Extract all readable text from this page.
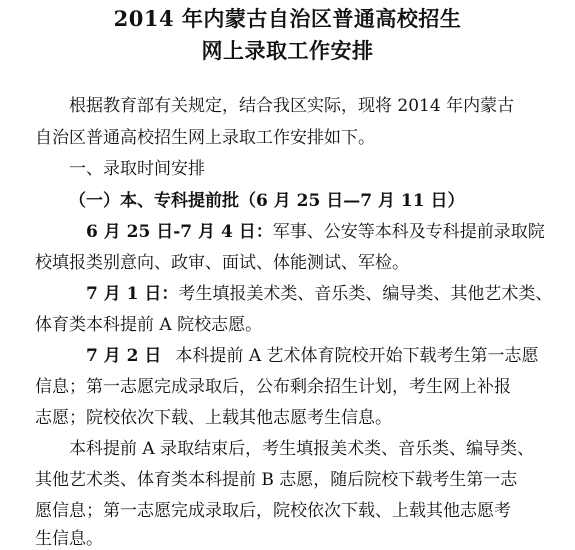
2014 年内蒙古自治区普通高校招生
网上录取工作安排
根据教育部有关规定，结合我区实际，现将 2014 年内蒙古
自治区普通高校招生网上录取工作安排如下。
一、录取时间安排
（一）本、专科提前批（6 月 25 日—7 月 11 日）
6 月 25 日-7 月 4 日：军事、公安等本科及专科提前录取院
校填报类别意向、政审、面试、体能测试、军检。
7 月 1 日：考生填报美术类、音乐类、编导类、其他艺术类、
体育类本科提前 A 院校志愿。
7 月 2 日 本科提前 A 艺术体育院校开始下载考生第一志愿
信息；第一志愿完成录取后，公布剩余招生计划，考生网上补报
志愿；院校依次下载、上载其他志愿考生信息。
本科提前 A 录取结束后，考生填报美术类、音乐类、编导类、
其他艺术类、体育类本科提前 B 志愿，随后院校下载考生第一志
愿信息；第一志愿完成录取后，院校依次下载、上载其他志愿考
生信息。
